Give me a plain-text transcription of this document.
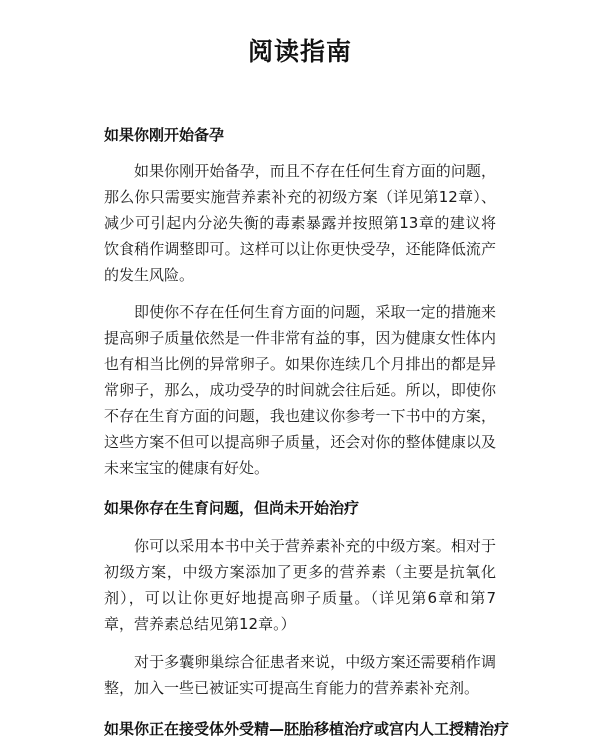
阅读指南
如果你刚开始备孕

如果你刚开始备孕，而且不存在任何生育方面的问题，那么你只需要实施营养素补充的初级方案（详见第12章）、减少可引起内分泌失衡的毒素暴露并按照第13章的建议将饮食稍作调整即可。这样可以让你更快受孕，还能降低流产的发生风险。

即使你不存在任何生育方面的问题，采取一定的措施来提高卵子质量依然是一件非常有益的事，因为健康女性体内也有相当比例的异常卵子。如果你连续几个月排出的都是异常卵子，那么，成功受孕的时间就会往后延。所以，即使你不存在生育方面的问题，我也建议你参考一下书中的方案，这些方案不但可以提高卵子质量，还会对你的整体健康以及未来宝宝的健康有好处。

如果你存在生育问题，但尚未开始治疗

你可以采用本书中关于营养素补充的中级方案。相对于初级方案，中级方案添加了更多的营养素（主要是抗氧化剂），可以让你更好地提高卵子质量。（详见第6章和第7章，营养素总结见第12章。）

对于多囊卵巢综合征患者来说，中级方案还需要稍作调整，加入一些已被证实可提高生育能力的营养素补充剂。

如果你正在接受体外受精—胚胎移植治疗或宫内人工授精治疗
